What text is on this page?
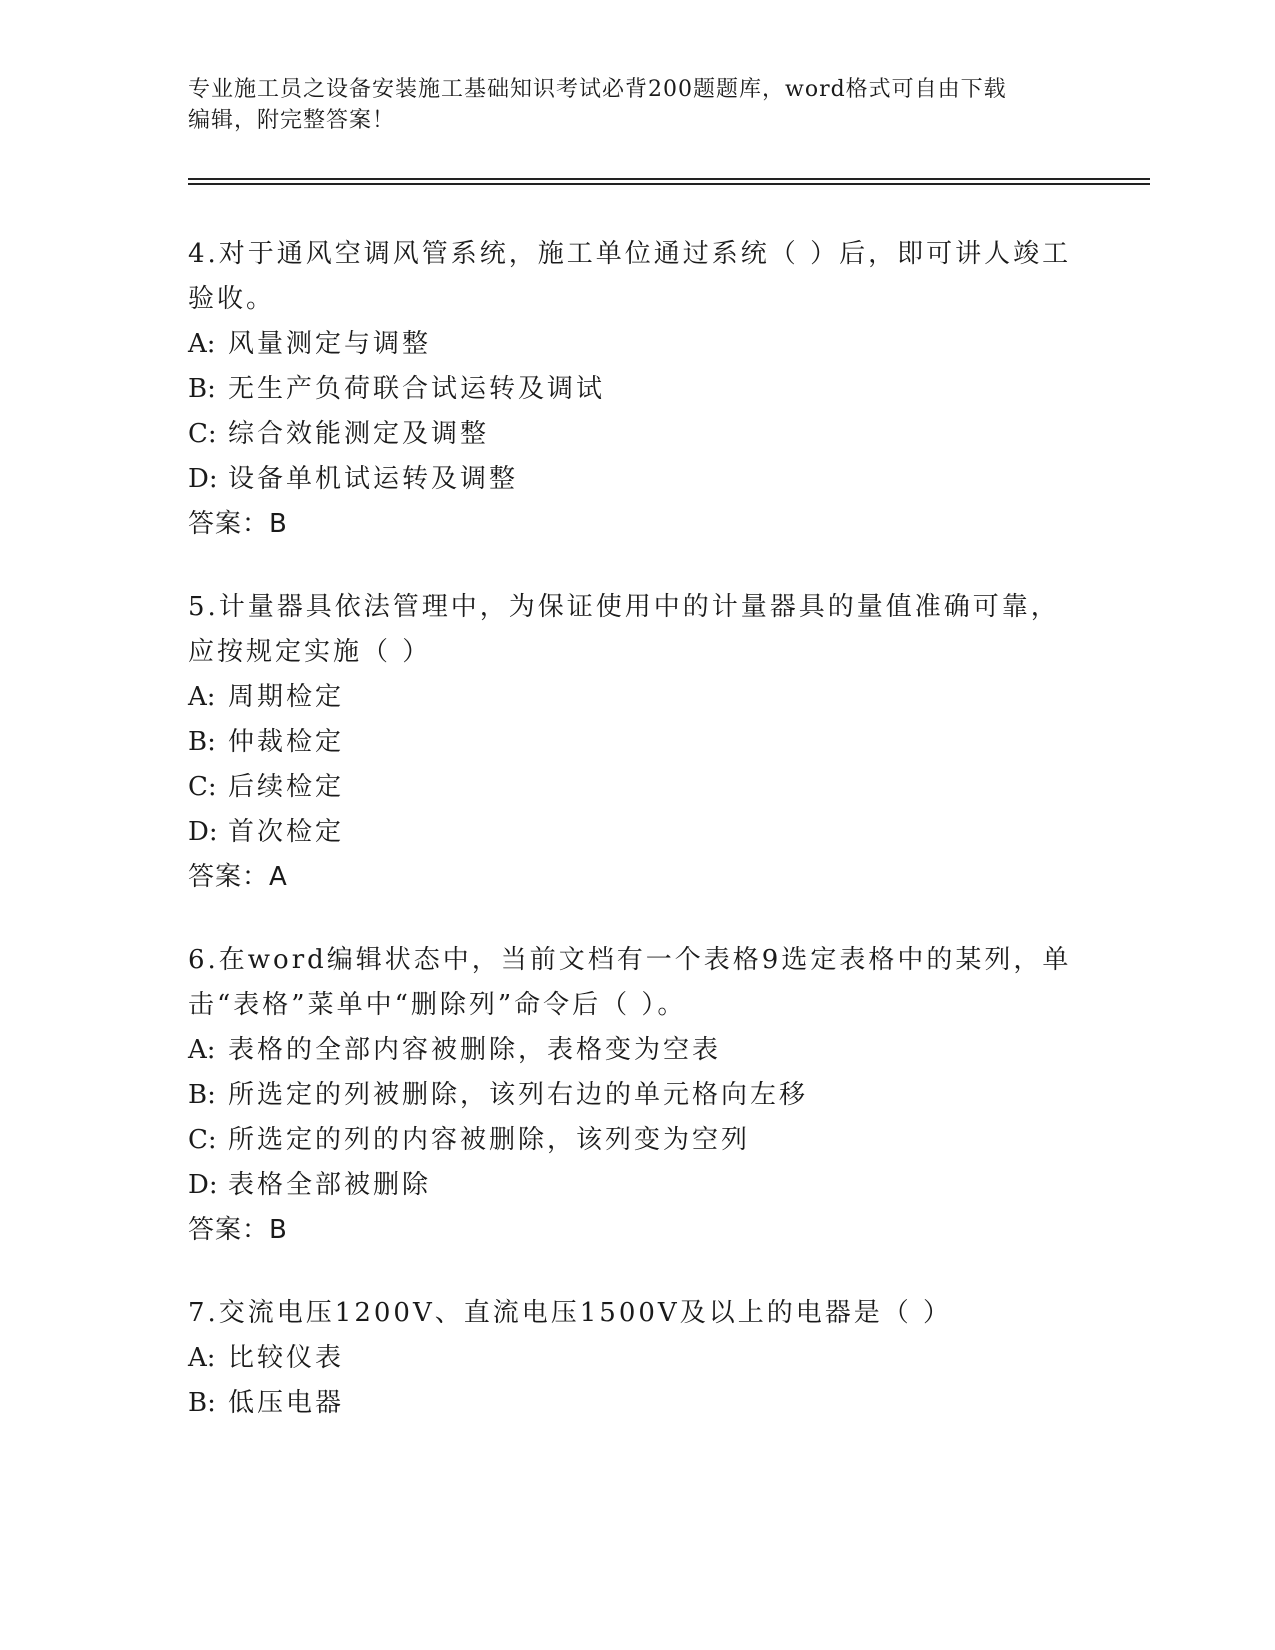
专业施工员之设备安装施工基础知识考试必背200题题库，word格式可自由下载
编辑，附完整答案！
4.对于通风空调风管系统，施工单位通过系统（ ）后，即可讲人竣工
验收。
A: 风量测定与调整
B: 无生产负荷联合试运转及调试
C: 综合效能测定及调整
D: 设备单机试运转及调整
答案：B
5.计量器具依法管理中，为保证使用中的计量器具的量值准确可靠，
应按规定实施（ ）
A: 周期检定
B: 仲裁检定
C: 后续检定
D: 首次检定
答案：A
6.在word编辑状态中，当前文档有一个表格9选定表格中的某列，单
击“表格”菜单中“删除列”命令后（ ）。
A: 表格的全部内容被删除，表格变为空表
B: 所选定的列被删除，该列右边的单元格向左移
C: 所选定的列的内容被删除，该列变为空列
D: 表格全部被删除
答案：B
7.交流电压1200V、直流电压1500V及以上的电器是（ ）
A: 比较仪表
B: 低压电器
